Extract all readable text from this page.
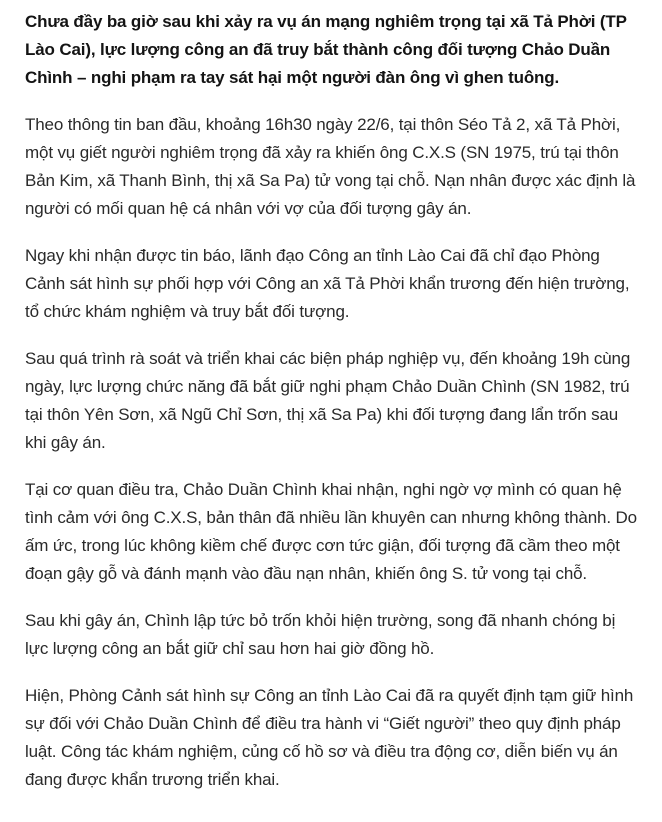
Chưa đầy ba giờ sau khi xảy ra vụ án mạng nghiêm trọng tại xã Tả Phời (TP Lào Cai), lực lượng công an đã truy bắt thành công đối tượng Chảo Duần Chình – nghi phạm ra tay sát hại một người đàn ông vì ghen tuông.

Theo thông tin ban đầu, khoảng 16h30 ngày 22/6, tại thôn Séo Tả 2, xã Tả Phời, một vụ giết người nghiêm trọng đã xảy ra khiến ông C.X.S (SN 1975, trú tại thôn Bản Kim, xã Thanh Bình, thị xã Sa Pa) tử vong tại chỗ. Nạn nhân được xác định là người có mối quan hệ cá nhân với vợ của đối tượng gây án.

Ngay khi nhận được tin báo, lãnh đạo Công an tỉnh Lào Cai đã chỉ đạo Phòng Cảnh sát hình sự phối hợp với Công an xã Tả Phời khẩn trương đến hiện trường, tổ chức khám nghiệm và truy bắt đối tượng.

Sau quá trình rà soát và triển khai các biện pháp nghiệp vụ, đến khoảng 19h cùng ngày, lực lượng chức năng đã bắt giữ nghi phạm Chảo Duần Chình (SN 1982, trú tại thôn Yên Sơn, xã Ngũ Chỉ Sơn, thị xã Sa Pa) khi đối tượng đang lẩn trốn sau khi gây án.

Tại cơ quan điều tra, Chảo Duần Chình khai nhận, nghi ngờ vợ mình có quan hệ tình cảm với ông C.X.S, bản thân đã nhiều lần khuyên can nhưng không thành. Do ấm ức, trong lúc không kiềm chế được cơn tức giận, đối tượng đã cầm theo một đoạn gậy gỗ và đánh mạnh vào đầu nạn nhân, khiến ông S. tử vong tại chỗ.

Sau khi gây án, Chình lập tức bỏ trốn khỏi hiện trường, song đã nhanh chóng bị lực lượng công an bắt giữ chỉ sau hơn hai giờ đồng hồ.

Hiện, Phòng Cảnh sát hình sự Công an tỉnh Lào Cai đã ra quyết định tạm giữ hình sự đối với Chảo Duần Chình để điều tra hành vi “Giết người” theo quy định pháp luật. Công tác khám nghiệm, củng cố hồ sơ và điều tra động cơ, diễn biến vụ án đang được khẩn trương triển khai.
